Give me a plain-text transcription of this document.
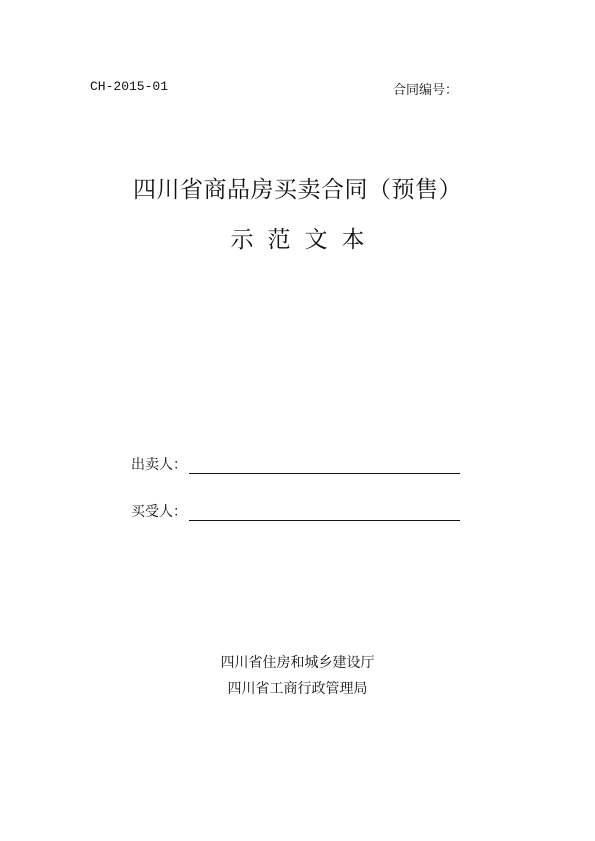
CH-2015-01	合同编号：
四川省商品房买卖合同（预售）
示范文本
出卖人：
买受人：
四川省住房和城乡建设厅
四川省工商行政管理局
